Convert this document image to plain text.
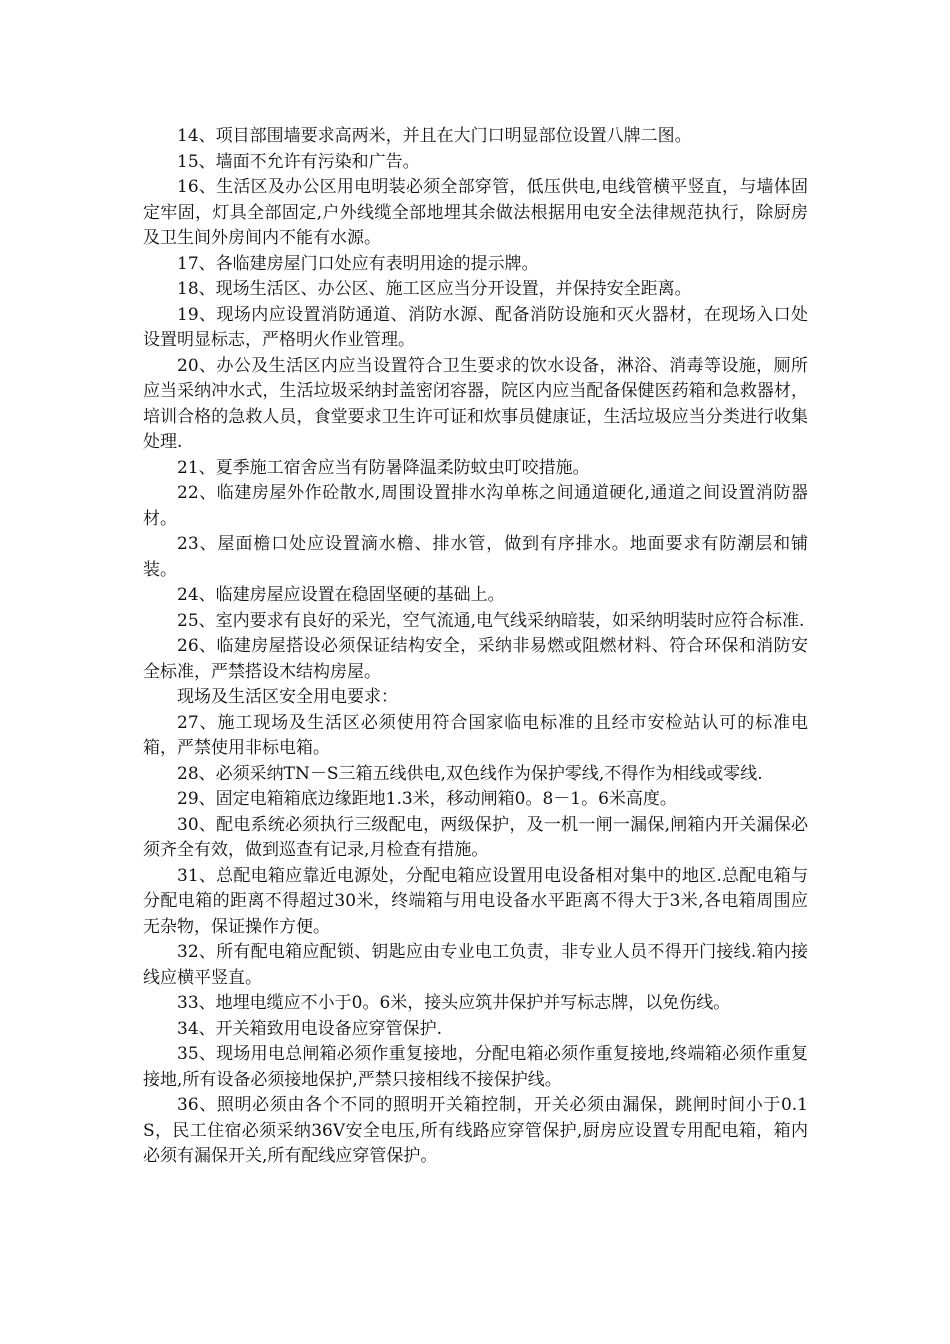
14、项目部围墙要求高两米，并且在大门口明显部位设置八牌二图。

15、墙面不允许有污染和广告。

16、生活区及办公区用电明装必须全部穿管，低压供电,电线管横平竖直，与墙体固定牢固，灯具全部固定,户外线缆全部地埋其余做法根据用电安全法律规范执行，除厨房及卫生间外房间内不能有水源。

17、各临建房屋门口处应有表明用途的提示牌。

18、现场生活区、办公区、施工区应当分开设置，并保持安全距离。

19、现场内应设置消防通道、消防水源、配备消防设施和灭火器材，在现场入口处设置明显标志，严格明火作业管理。

20、办公及生活区内应当设置符合卫生要求的饮水设备，淋浴、消毒等设施，厕所应当采纳冲水式，生活垃圾采纳封盖密闭容器，院区内应当配备保健医药箱和急救器材，培训合格的急救人员，食堂要求卫生许可证和炊事员健康证，生活垃圾应当分类进行收集处理.

21、夏季施工宿舍应当有防暑降温柔防蚊虫叮咬措施。

22、临建房屋外作砼散水,周围设置排水沟单栋之间通道硬化,通道之间设置消防器材。

23、屋面檐口处应设置滴水檐、排水管，做到有序排水。地面要求有防潮层和铺装。

24、临建房屋应设置在稳固坚硬的基础上。

25、室内要求有良好的采光，空气流通,电气线采纳暗装，如采纳明装时应符合标准.

26、临建房屋搭设必须保证结构安全，采纳非易燃或阻燃材料、符合环保和消防安全标准，严禁搭设木结构房屋。

现场及生活区安全用电要求：

27、施工现场及生活区必须使用符合国家临电标准的且经市安检站认可的标准电箱，严禁使用非标电箱。

28、必须采纳TN－S三箱五线供电,双色线作为保护零线,不得作为相线或零线.

29、固定电箱箱底边缘距地1.3米，移动闸箱0。8－1。6米高度。

30、配电系统必须执行三级配电，两级保护，及一机一闸一漏保,闸箱内开关漏保必须齐全有效，做到巡查有记录,月检查有措施。

31、总配电箱应靠近电源处，分配电箱应设置用电设备相对集中的地区.总配电箱与分配电箱的距离不得超过30米，终端箱与用电设备水平距离不得大于3米,各电箱周围应无杂物，保证操作方便。

32、所有配电箱应配锁、钥匙应由专业电工负责，非专业人员不得开门接线.箱内接线应横平竖直。

33、地埋电缆应不小于0。6米，接头应筑井保护并写标志牌，以免伤线。

34、开关箱致用电设备应穿管保护.

35、现场用电总闸箱必须作重复接地，分配电箱必须作重复接地,终端箱必须作重复接地,所有设备必须接地保护,严禁只接相线不接保护线。

36、照明必须由各个不同的照明开关箱控制，开关必须由漏保，跳闸时间小于0.1S，民工住宿必须采纳36V安全电压,所有线路应穿管保护,厨房应设置专用配电箱，箱内必须有漏保开关,所有配线应穿管保护。
